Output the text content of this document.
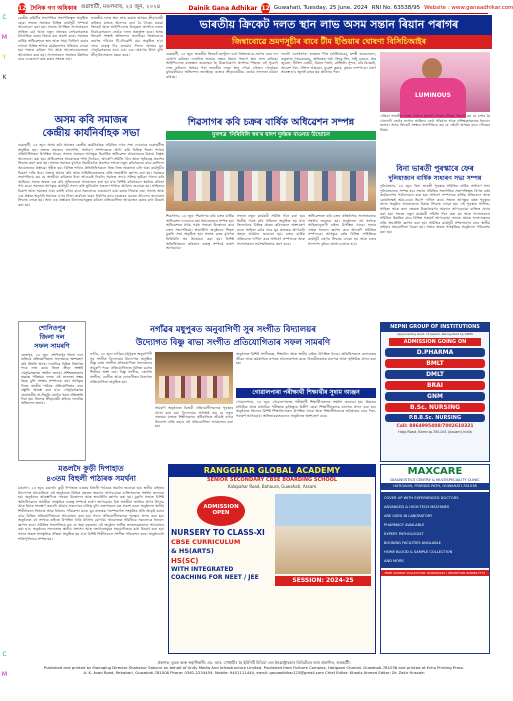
C
M
Y
K
C
M
12 দৈনিক গণ অধিকাৰ গুৱাহাটী, মঙলবাৰ, ২৫ জুন, ২০২৪	Dainik Gana Adhikar 12 Guwahati, Tuesday, 25 June, 2024 RNI No. 63538/95 Website : www.ganaadhikar.com
ভাৰতীয় ক্ৰিকেট দলত স্থান লাভ অসম সন্তান ৰিয়ান পৰাগৰ
জিম্বাবোৱে ভ্ৰমণসূচীৰ বাবে টীম ইণ্ডিয়াৰ ঘোষণা বিসিচিআইৰ
কেন্দ্ৰীয় কমিটিৰ সভাপতিৰ সভাপতিত্বত অনুষ্ঠিত হোৱা সভাত সমাজৰ বিভিন্ন কাৰ্যসূচী সম্পৰ্কে আলোচনা কৰা হয়। সভাত উপস্থিত সদস্যসকলে সাহিত্য চৰ্চা আৰু নতুন প্ৰজন্মৰ লেখকসকলক উৎসাহিত কৰাৰ বিষয়ে মত প্ৰকাশ কৰে। সমাজৰ বাৰ্ষিক অধিৱেশনৰ স্থান আৰু সময় নিৰ্ধাৰণ কৰাৰ লগতে বিভিন্ন শাখাৰ কাৰ্যকলাপৰ খতিয়ান লোৱা হয়। সভাত কবিতা পাঠ আৰু আলোচনাচক্ৰৰো আয়োজন কৰা হয়। সদস্যসকলে সমাজৰ উন্নতিৰ বাবে একেলগে কাম কৰাৰ সংকল্প লয়।
ভাৰতীয় দলত স্থান লাভ কৰাত অসমৰ ক্ৰীড়াপ্ৰেমী ৰাইজৰ মাজত আনন্দৰ বন্যা বৈ গৈছে। ঘৰুৱা ক্ৰিকেট আৰু আইপিএলত উজ্জ্বল প্ৰদৰ্শনৰ ফলত নিৰ্বাচকসকলে তেওঁক দলত অন্তৰ্ভুক্ত কৰে। অসম ক্ৰিকেট সংস্থাই অভিনন্দন জনাইছে। জিম্বাবোৱে ভ্ৰমণত পাঁচখন টি-টোৱেণ্টি মেচ অনুষ্ঠিত হ'ব। দলৰ নেতৃত্ব দিব শুভমান গিলে। অসমৰ যুৱ খেলুৱৈসকলৰ বাবে এয়া এক প্ৰেৰণাৰ উৎস বুলি ক্ৰীড়াবিদসকলে মন্তব্য কৰে।	গুৱাহাটী, ২৪ জুন: ভাৰতীয় ক্ৰিকেট কণ্ট্ৰোল বৰ্ডে জিম্বাবোৱে ভ্ৰমণৰ বাবে দল ঘোষণা কৰিছে। দলটোত অসমৰ সন্তান ৰিয়ান পৰাগে স্থান লাভ কৰিছে। আইপিএলত ৰাজস্থান ৰয়েলছৰ হৈ উল্লেখযোগ্য প্ৰদৰ্শনৰ পিছতে এই সুযোগ লাভ কৰিলে। অসমৰ পৰা ভাৰতীয় দলত স্থান পোৱা এইজন খেলুৱৈক মুখ্যমন্ত্ৰীয়েও অভিনন্দন জনাইছে। ৰাজ্যৰ ক্ৰীড়াপ্ৰেমীয়ে তেওঁৰ সফলতা কামনা কৰিছে।
দলটো এনেধৰণৰ: শুভমান গিল (অধিনায়ক), যশস্বী জয়চোৱাল, ৰুতুৰাজ গায়কোৱাড়, অভিষেক শৰ্মা, ৰিংকু সিং, সঞ্জু চেমচন, ধ্ৰুৱ জুৰেল, নীতিশ ৰেড্ডী, ৰিয়ান পৰাগ, ৱাশ্বিংটন সুন্দৰ, ৰবি বিষ্ণোই, আৱেশ খান, খলিল আহমেদ, মুকেশ কুমাৰ, তুষাৰ দেশপাণ্ডে। ভ্ৰমণ আৰম্ভ হ'ব জুলাই মাহৰ ছয় তাৰিখৰ পৰা।
LUMINOUS
অসম কবি সমাজৰ
কেন্দ্ৰীয় কাৰ্যনিৰ্বাহক সভা
গুৱাহাটী, ২৪ জুন: অসম কবি সমাজৰ কেন্দ্ৰীয় কাৰ্যনিৰ্বাহক সমিতিৰ এখন সভা দেওবাৰে গুৱাহাটীত অনুষ্ঠিত হয়। সভাত সমাজৰ সভাপতি, সাধাৰণ সম্পাদককে আদি কৰি বিভিন্ন জিলা শাখাৰ প্ৰতিনিধিসকল উপস্থিত থাকে। সভাত সমাজৰ আগন্তুক দ্বিবাৰ্ষিক অধিৱেশন আয়োজনৰ বিষয়ে বিস্তৃত আলোচনা কৰা হয়। অধিৱেশনৰ আয়োজক শাখা নিৰ্বাচন, আদৰণি সমিতি গঠন আৰু স্মৃতিগ্ৰন্থ প্ৰকাশৰ সিদ্ধান্ত গ্ৰহণ কৰা হয়। সভাত সমাজৰ মুখপত্ৰ নিয়মীয়াকৈ প্ৰকাশৰ লগতে নতুন কবিসকলৰ বাবে কৰ্মশালা আয়োজনৰ প্ৰস্তাৱো গৃহীত হয়। বিভিন্ন শাখাৰ প্ৰতিনিধিসকলে নিজ নিজ অঞ্চলত চলি থকা কাৰ্যসূচীৰ বিৱৰণ দাঙি ধৰে। সভাত প্ৰয়াত কবি আৰু সাহিত্যিকসকলৰ প্ৰতি শ্ৰদ্ধাঞ্জলি জ্ঞাপন কৰা হয়। সমাজৰ সভাপতিয়ে কয় যে অসমীয়া কবিতাৰ ধাৰা আগুৱাই নিবলৈ সমাজে সদায় সক্ৰিয় ভূমিকা পালন কৰি আহিছে। সভাৰ অন্তত এক কবি সন্মিলনৰো আয়োজন কৰা হয় য'ত বিশিষ্ট কবিসকলে স্বৰচিত কবিতা পাঠ কৰে। সমাজৰ আগন্তুক কাৰ্যসূচী সফল কৰি তুলিবলৈ সকলো শাখাক আহ্বান জনোৱা হয়। সাহিত্যৰ বিকাশ আৰু সমাজৰ ঐক্য বৰ্তাই ৰখাৰ বাবে সকলোৱে একযোগে কাম কৰাৰ সিদ্ধান্ত লয়। সভাত আৰু এক প্ৰস্তাৱ অনুসৰি সমাজৰ এখন নিজা কাৰ্যালয় ভৱন নিৰ্মাণৰ বাবে চৰকাৰৰ ওচৰত আবেদন জনোৱাৰ সিদ্ধান্ত লোৱা হয়। আন এক প্ৰস্তাৱত বিদ্যালয়সমূহত কবিতা প্ৰতিযোগিতা আয়োজন কৰাৰ কথা উল্লেখ কৰা হয়।
শিৱসাগৰ কবি চক্ৰৰ বাৰ্ষিক অধিৱেশন সম্পন্ন
মুখপত্ৰ 'নিৰিবিলি স্বৰ'ৰ দ্বাদশ দুৰ্দন্তক বাওনত উন্মোচন
শিৱসাগৰ, ২৪ জুন: শিৱসাগৰ কবি চক্ৰৰ বাৰ্ষিক অধিৱেশন দেওবাৰে মহা সমাৰোহেৰে সম্পন্ন হয়। অধিৱেশনৰ প্ৰথম পৰ্বত পতাকা উত্তোলন কৰে চক্ৰৰ সভাপতিয়ে। শ্ৰদ্ধাঞ্জলি অনুষ্ঠানৰ পিছত মুকলি সভা অনুষ্ঠিত হয়। সভাত চক্ৰৰ মুখপত্ৰ নিৰিবিলি স্বৰ উন্মোচন কৰা হয়। বিশিষ্ট অতিথিসকলে কবিতাৰ গুৰুত্ব সম্পৰ্কে ভাষণ আগবঢ়ায়।
সভাত নতুন কাৰ্যকৰী সমিতি গঠন কৰা হয়। দ্বিতীয় পৰ্বত কবি সন্মিলন অনুষ্ঠিত হয় য'ত জিলাখনৰ বিভিন্ন প্ৰান্তৰ কবিসকলে অংশগ্ৰহণ কৰে। সাহিত্য চৰ্চাৰ বাবে যুৱ প্ৰজন্মক আগবাঢ়ি অহাৰ আহ্বান জনোৱা হয়। চক্ৰৰ বাৰ্ষিক প্ৰতিবেদন দাখিল কৰে সাধাৰণ সম্পাদকে আৰু সদস্যসকলে সৰ্বসন্মতিক্ৰমে গ্ৰহণ কৰে।
অধিৱেশনত কবি চক্ৰৰ প্ৰতিষ্ঠাপক সদস্যসকলক সম্বৰ্ধনা জনোৱা হয়। অনুষ্ঠানত বহু সংখ্যক সাহিত্যানুৰাগী ৰাইজ উপস্থিত থাকে। সভাৰ শেষত ধন্যবাদ জ্ঞাপন কৰে আদৰণি সমিতিৰ সম্পাদকে। আগন্তুক বৰ্ষত বিভিন্ন সাহিত্যিক কাৰ্যসূচী গ্ৰহণৰ সিদ্ধান্ত লোৱা হয় আৰু চক্ৰৰ সদস্যপদ বৃদ্ধিৰ প্ৰয়াস চলোৱা হ'ব।
এতিয়া ভাৰতীয় দলত খেলাৰ সুযোগ পোৱাৰ পিছত পৰাগে কয় যে দেশৰ হৈ খেলাটো তেওঁৰ সপোন আছিল। তেওঁ পৰিয়াল আৰু প্ৰশিক্ষকসকলক ধন্যবাদ জনায়। অসম ক্ৰিকেট সংস্থাৰ সভাপতিয়ে কয় যে এইটো অসমৰ বাবে গৌৰৱৰ বিষয়।
বিনা ভাৰতী পুৰস্কাৰে ফেৰ
দুলিয়াজান বাৰ্ষিক সাধাৰণ সভা সম্পন্ন
দুলিয়াজান, ২৪ জুন: বিনা ভাৰতী পুৰস্কাৰ সমিতিৰ বাৰ্ষিক সাধাৰণ সভা দুলিয়াজানত সম্পন্ন হয়। সভাত সমিতিৰ সভাপতিৰ সভাপতিত্বত বিগত বৰ্ষৰ কাৰ্যকলাপৰ পৰ্যালোচনা কৰা হয়। সাধাৰণ সম্পাদকে বাৰ্ষিক প্ৰতিবেদন আৰু কোষাধ্যক্ষই আয়-ব্যয়ৰ হিচাপ দাখিল কৰে। সভাত আগন্তুক বৰ্ষত পুৰস্কাৰ প্ৰদান অনুষ্ঠান আয়োজনৰ বিষয়ে সিদ্ধান্ত লোৱা হয়। এই পুৰস্কাৰ সংগীত, সাহিত্য আৰু কলা ক্ষেত্ৰত উল্লেখযোগ্য অৱদান আগবঢ়োৱা ব্যক্তিক প্ৰদান কৰা হয়। সভাত নতুন কাৰ্যকৰী সমিতি গঠন কৰা হয় আৰু সদস্যসকলে সমিতিৰ উন্নতিৰ বাবে বিভিন্ন পৰামৰ্শ আগবঢ়ায়। সভাত প্ৰয়াত সদস্যসকলৰ প্ৰতি শ্ৰদ্ধাঞ্জলি জ্ঞাপন কৰা হয়। সমিতিৰ কাৰ্যসূচী সম্প্ৰসাৰণৰ বাবে স্থানীয় ৰাইজৰ সহযোগিতা বিচৰা হয়। সভাৰ অন্তত সাংস্কৃতিক অনুষ্ঠানো পৰিৱেশন কৰা হয়।
শোনিতপুৰ
জিলা দল
সফল সামৰণি
তেজপুৰ, ২৪ জুন: শোণিতপুৰ জিলা দলে ৰাজ্যিক প্ৰতিযোগিতাত সফলতাৰে অংশগ্ৰহণ কৰি উভতি আহে। দলটোৱে বিভিন্ন বিভাগত পদক লাভ কৰে। জিলা ক্ৰীড়া সংস্থাই খেলুৱৈসকলক সম্বৰ্ধনা জনায়। প্ৰশিক্ষকসকলৰ অক্লান্ত পৰিশ্ৰমৰ ফলত এই সফলতা সম্ভৱ হৈছে বুলি সংস্থাৰ সম্পাদকে কয়। আগন্তুক দিনত জাতীয় পৰ্যায়ৰ প্ৰতিযোগিতাৰ বাবে প্ৰস্তুতি আৰম্ভ কৰা হ'ব। খেলুৱৈসকলক প্ৰয়োজনীয় সা-সঁজুলি যোগান ধৰাৰ প্ৰতিশ্ৰুতি দিয়া হয়। জিলাৰ ক্ৰীড়াপ্ৰেমী ৰাইজে দলটোক অভিনন্দন জনায়।
নগাঁৱৰ মধুপুৰত অনুবাগিণী সুৰ সংগীত বিদ্যালয়ৰ
উদ্যোগত বিষ্ণু ৰাভা সংগীত প্ৰতিযোগিতাৰ সফল সামৰণি
নগাঁও, ২৪ জুন: নগাঁৱৰ মধুপুৰত অনুবাগিণী সুৰ সংগীত বিদ্যালয়ৰ উদ্যোগত অনুষ্ঠিত বিষ্ণু ৰাভা সংগীত প্ৰতিযোগিতা সফলতাৰে সামৰণি পৰে। প্ৰতিযোগিতাত বিভিন্ন বয়সৰ শিল্পীয়ে অংশ লয়। বিষ্ণু সংগীত, জ্যোতি সংগীত, বৰগীত আৰু লোকগীতৰ বিভাগত প্ৰতিযোগিতা অনুষ্ঠিত হয়।
সামৰণি অনুষ্ঠানত বিজয়ী প্ৰতিযোগীসকলক পুৰস্কাৰ প্ৰদান কৰা হয়। বিদ্যালয়ৰ অধ্যক্ষই কয় যে নতুন প্ৰজন্মৰ মাজত শিল্পীসকলৰ সৃষ্টিৰাজিক জীয়াই ৰখাৰ উদ্দেশ্যে প্ৰতি বছৰে এই প্ৰতিযোগিতা আয়োজন কৰা হয়।
অনুষ্ঠানত বিশিষ্ট সংগীতজ্ঞ, শিক্ষাবিদ আৰু স্থানীয় ৰাইজ উপস্থিত থাকে। অতিথিসকলে কলাগুৰুৰ জীৱন আৰু কৰ্মৰাজিৰ ওপৰত আলোকপাত কৰে। বিজয়ীসকলক মানপত্ৰ আৰু স্মৃতিচিহ্ন প্ৰদান কৰা হয়।
গোৱালপাৰা পৰীক্ষাৰ্থী শিক্ষাৰ্থীৰ সুধাম আঞ্জন
গোৱালপাৰা, ২৪ জুন: গোৱালপাৰাত পৰীক্ষাৰ্থী শিক্ষাৰ্থীসকলক সম্বৰ্ধনা জনোৱা হয়। উচ্চতৰ মাধ্যমিক আৰু মাধ্যমিক পৰীক্ষাত কৃতিত্বৰে উত্তীৰ্ণ হোৱা শিক্ষাৰ্থীসকলক মানপত্ৰ প্ৰদান কৰা হয়। অনুষ্ঠানত জিলাৰ বিশিষ্ট শিক্ষাবিদসকল উপস্থিত থাকে আৰু শিক্ষাৰ্থীসকলক ভৱিষ্যতৰ বাবে দিহা-পৰামৰ্শ আগবঢ়ায়। অভিভাৱকসকলেও অনুষ্ঠানত অংশগ্ৰহণ কৰে।
NEPNI GROUP OF INSTITUTIONS
Approved by Govt. of Assam, Recognised by AIIMS
ADMISSION GOING ON
D.PHARMA
BMLT
DMLT
BRAI
GNM
B.Sc. NURSING
P.B.B.Sc. NURSING
Call: 8864995408/7002618321
Hajo Road, Kamrup-781104 (Assam) India
মঙলদৈ কুড়ী দিপাহাত
৪৩তম বিহুলী পাঠাৰক সমৰ্থনা
মঙলদৈ, ২৪ জুন: মঙলদৈ কুড়ী দিপাহাত ৪৩তম বিহুলী পাঠাৰক সমৰ্থনা জনোৱা হয়। স্থানীয় ৰাইজৰ উদ্যোগত আয়োজিত এই অনুষ্ঠানত বিভিন্ন ক্ষেত্ৰত অৱদান আগবঢ়োৱা ব্যক্তিসকলক সম্বৰ্ধনা জনোৱা হয়। অনুষ্ঠানৰ আৰম্ভণিতে পতাকা উত্তোলন আৰু শ্ৰদ্ধাঞ্জলি জ্ঞাপন কৰা হয়। মুকলি সভাত বিশিষ্ট অতিথিসকলে অসমীয়া সংস্কৃতিৰ গুৰুত্ব সম্পৰ্কে ভাষণ আগবঢ়ায়। বিহু অসমীয়া জাতিৰ প্ৰাণৰ উৎসৱ আৰু ইয়াক সংৰক্ষণ কৰাটো আমাৰ সকলোৰে দায়িত্ব বুলি বক্তাসকলে মত প্ৰকাশ কৰে। অনুষ্ঠানত স্থানীয় শিল্পীসকলে বিহুনাম আৰু বিহুনাচ পৰিৱেশন কৰে। যুৱ প্ৰজন্মক পৰম্পৰাগত সংস্কৃতিৰ প্ৰতি আকৃষ্ট কৰাৰ বাবে বিভিন্ন প্ৰতিযোগিতাৰো আয়োজন কৰা হয়। সফল প্ৰতিযোগীসকলক পুৰস্কাৰ প্ৰদান কৰা হয়। অনুষ্ঠানত বহু সংখ্যক ৰাইজে উপস্থিত থাকি উৎসাহ যোগায়। আয়োজক সমিতিয়ে সকলোকে ধন্যবাদ জ্ঞাপন কৰে। সমিতিৰ সভাপতিয়ে কয় যে অহা বছৰতো এই অনুষ্ঠান অধিক জাকজমকতাৰে আয়োজন কৰা হ'ব। অনুষ্ঠানৰ সফলতাত স্থানীয় প্ৰশাসন আৰু সংগঠনসমূহৰ সহযোগিতাৰ কথা উল্লেখ কৰা হয়। সভাৰ অন্তত সাংস্কৃতিক সন্ধিয়া অনুষ্ঠিত হয় য'ত বিশিষ্ট শিল্পীসকলে সংগীত পৰিৱেশন কৰে। অনুষ্ঠানটো শান্তিপূৰ্ণভাৱে সম্পন্ন হয়।
RANGGHAR GLOBAL ACADEMY
SENIOR SECONDARY CBSE BOARDING SCHOOL
Kalapahar Road, Bahaura, Guwahati, Assam
ADMISSION OPEN
NURSERY TO CLASS-XI
CBSE CURRICULUM
& HS(ARTS)
HS(SC)
WITH INTEGRATED COACHING FOR NEET / JEE	SESSION: 2024-25
MAXCARE
DIAGNOSTICS CENTRE & MULTISPECIALITY CLINIC
HATIGAON, FRIENDS PATH, GUWAHATI-781038
COVER UP WITH EXPERIENCED DOCTORS
ADVANCED & HIGH-TECH MACHINES
ARE USED IN LABORATORY
PHARMACY AVAILABLE
EXPERT PATHOLOGIST
BOOKING FACILITIES AVAILABLE
HOME BLOOD & SAMPLE COLLECTION
AND MORE
FREE SAMPLE COLLECTION 7638002945 | RECEPTION 8088817772
প্ৰকাশক, মুদ্ৰক আৰু স্বত্বাধিকাৰী: এম. আৰ. গোস্বামীৰ হৈ ইউনিটি মিডিয়া এণ্ড ইনফ্ৰাষ্ট্ৰাকচাৰ লিমিটেডৰ দ্বাৰা প্ৰকাশিত, গুৱাহাটী।
Published and printed by Managing Director Shahanur Sakurul on behalf of Unity Media And Infrastructure Limited, Published from Fortune Complex, Hatigaon Chariali, Guwahati-781038 and printed at Echo Printing Press.
A. K. Azad Road, Rehabari, Guwahati-781008 Phone: 0361-2234459, Mobile: 9401111444, email: ganaadhikar123@gmail.com Chief Editor: Khadiz Ahmed Editor: Dr. Zakir Hussain
